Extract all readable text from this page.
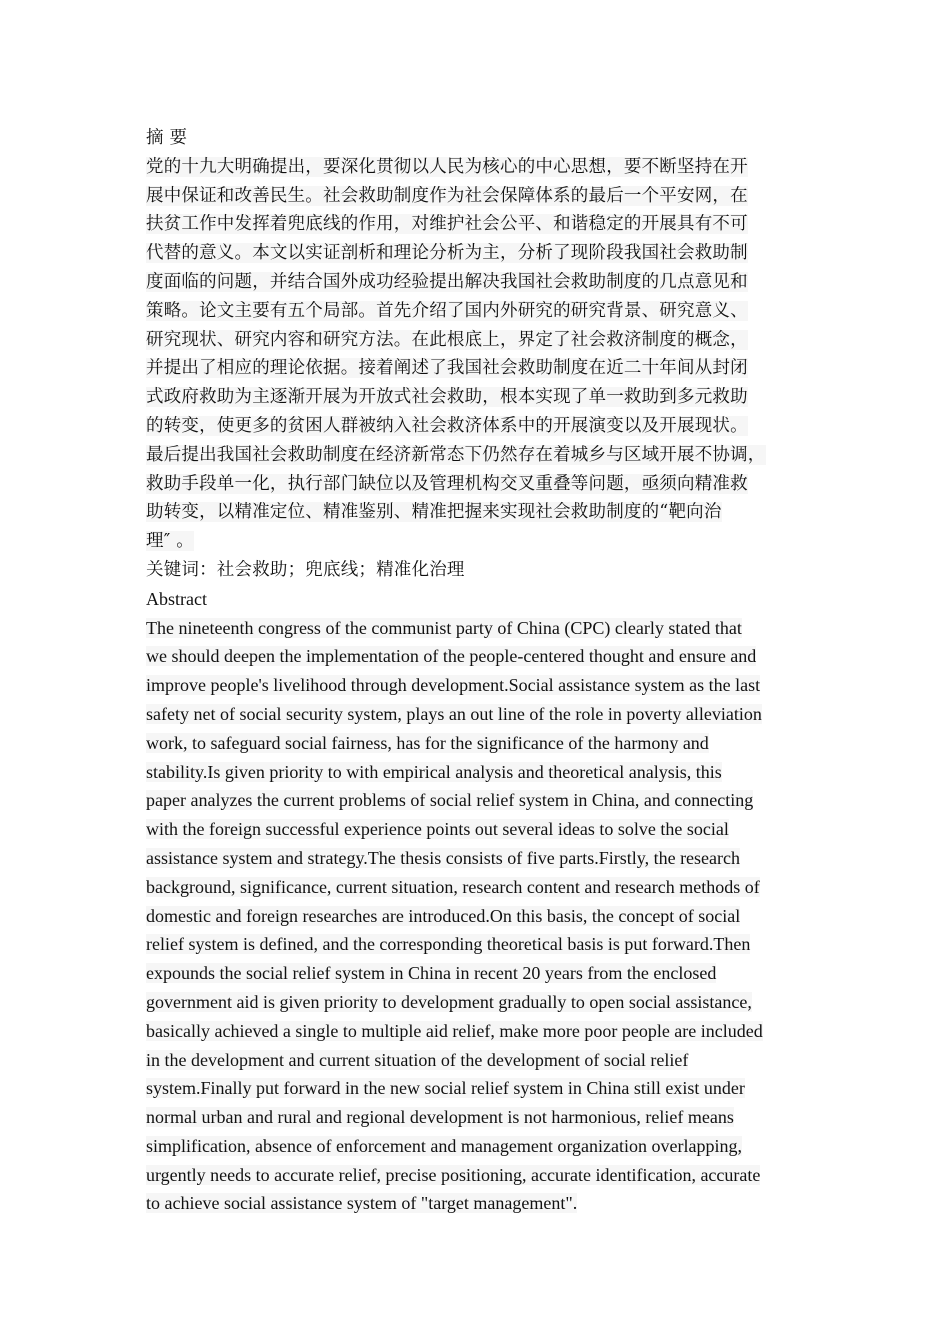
摘 要
党的十九大明确提出，要深化贯彻以人民为核心的中心思想，要不断坚持在开
展中保证和改善民生。社会救助制度作为社会保障体系的最后一个平安网，在
扶贫工作中发挥着兜底线的作用，对维护社会公平、和谐稳定的开展具有不可
代替的意义。本文以实证剖析和理论分析为主，分析了现阶段我国社会救助制
度面临的问题，并结合国外成功经验提出解决我国社会救助制度的几点意见和
策略。论文主要有五个局部。首先介绍了国内外研究的研究背景、研究意义、
研究现状、研究内容和研究方法。在此根底上，界定了社会救济制度的概念，
并提出了相应的理论依据。接着阐述了我国社会救助制度在近二十年间从封闭
式政府救助为主逐渐开展为开放式社会救助，根本实现了单一救助到多元救助
的转变，使更多的贫困人群被纳入社会救济体系中的开展演变以及开展现状。
最后提出我国社会救助制度在经济新常态下仍然存在着城乡与区域开展不协调，
救助手段单一化，执行部门缺位以及管理机构交叉重叠等问题，亟须向精准救
助转变，以精准定位、精准鉴别、精准把握来实现社会救助制度的“靶向治
理″ 。
关键词：社会救助；兜底线；精准化治理
Abstract
The nineteenth congress of the communist party of China (CPC) clearly stated that
we should deepen the implementation of the people-centered thought and ensure and
improve people's livelihood through development.Social assistance system as the last
safety net of social security system, plays an out line of the role in poverty alleviation
work, to safeguard social fairness, has for the significance of the harmony and
stability.Is given priority to with empirical analysis and theoretical analysis, this
paper analyzes the current problems of social relief system in China, and connecting
with the foreign successful experience points out several ideas to solve the social
assistance system and strategy.The thesis consists of five parts.Firstly, the research
background, significance, current situation, research content and research methods of
domestic and foreign researches are introduced.On this basis, the concept of social
relief system is defined, and the corresponding theoretical basis is put forward.Then
expounds the social relief system in China in recent 20 years from the enclosed
government aid is given priority to development gradually to open social assistance,
basically achieved a single to multiple aid relief, make more poor people are included
in the development and current situation of the development of social relief
system.Finally put forward in the new social relief system in China still exist under
normal urban and rural and regional development is not harmonious, relief means
simplification, absence of enforcement and management organization overlapping,
urgently needs to accurate relief, precise positioning, accurate identification, accurate
to achieve social assistance system of "target management".
